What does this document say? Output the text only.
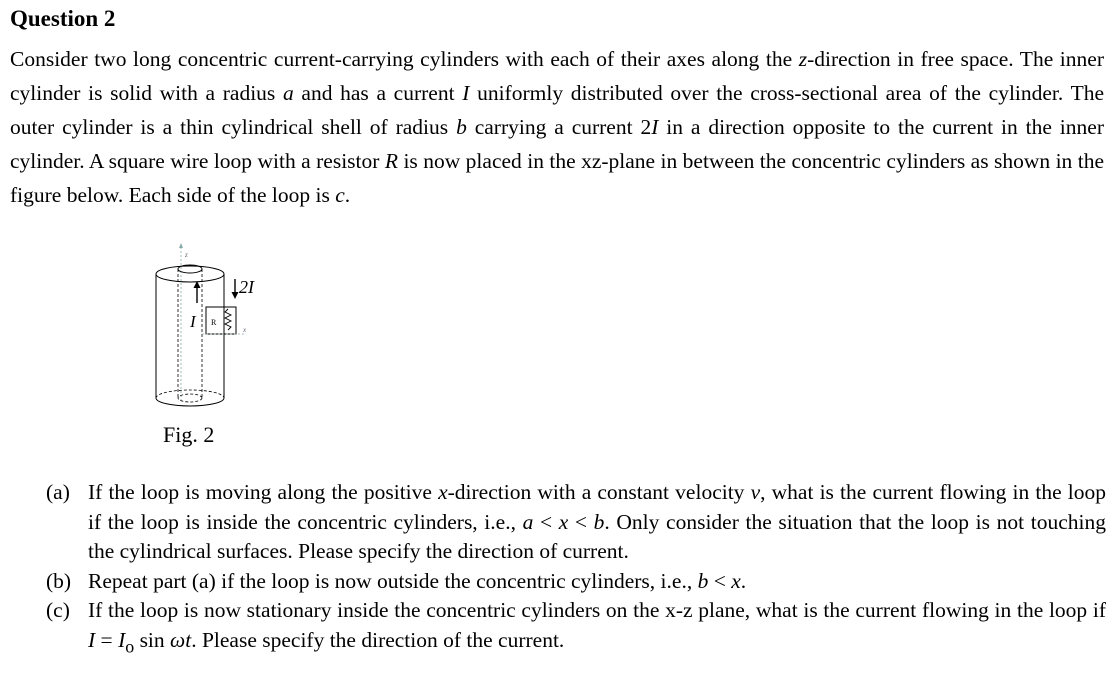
Question 2

Consider two long concentric current-carrying cylinders with each of their axes along the z-direction in free space. The inner cylinder is solid with a radius a and has a current I uniformly distributed over the cross-sectional area of the cylinder. The outer cylinder is a thin cylindrical shell of radius b carrying a current 2I in a direction opposite to the current in the inner cylinder. A square wire loop with a resistor R is now placed in the xz-plane in between the concentric cylinders as shown in the figure below. Each side of the loop is c.

z
I
2I
R
x
Fig. 2
(a) If the loop is moving along the positive x-direction with a constant velocity v, what is the current flowing in the loop if the loop is inside the concentric cylinders, i.e., a < x < b. Only consider the situation that the loop is not touching the cylindrical surfaces. Please specify the direction of current.
(b) Repeat part (a) if the loop is now outside the concentric cylinders, i.e., b < x.
(c) If the loop is now stationary inside the concentric cylinders on the x-z plane, what is the current flowing in the loop if $I = I_o$ sin ωt. Please specify the direction of the current.
